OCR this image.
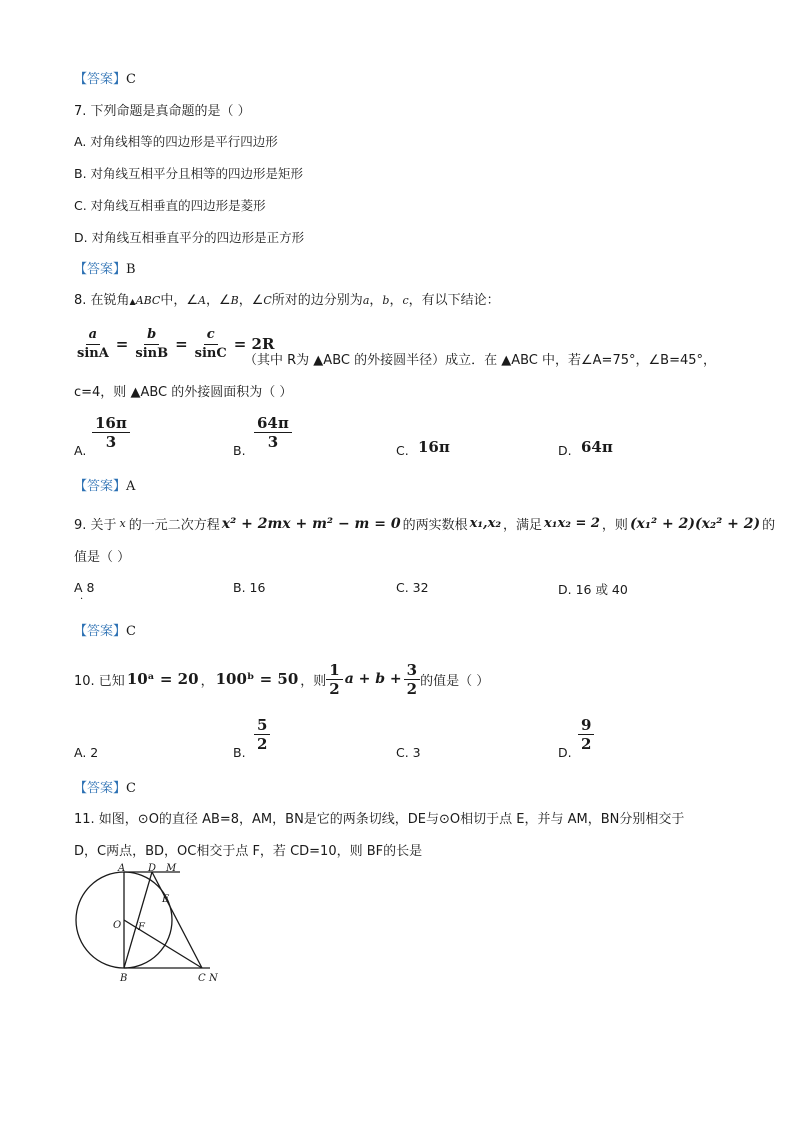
【答案】C
7. 下列命题是真命题的是（ ）
A. 对角线相等的四边形是平行四边形
B. 对角线互相平分且相等的四边形是矩形
C. 对角线互相垂直的四边形是菱形
D. 对角线互相垂直平分的四边形是正方形
【答案】B
8. 在锐角▲ABC中，∠A，∠B，∠C所对的边分别为a，b，c，有以下结论：
$\frac{a}{\sin A} = \frac{b}{\sin B} = \frac{c}{\sin C} = 2R$
（其中 R为 ▲ABC 的外接圆半径）成立．在 ▲ABC 中，若∠A=75°，∠B=45°，
c=4，则 ▲ABC 的外接圆面积为（ ）
A. $\frac{16\pi}{3}$	B. $\frac{64\pi}{3}$	C. 16π	D. 64π
【答案】A
9. 关于 x 的一元二次方程 x² + 2mx + m² − m = 0 的两实数根 x₁,x₂ ，满足 x₁x₂ = 2 ，则 (x₁² + 2)(x₂² + 2) 的
值是（ ）
A 8
·
B. 16	C. 32	D. 16 或 40
【答案】C
10. 已知 10ᵃ = 20 ， 100ᵇ = 50 ，则 $\frac{1}{2}$ $a + b + \frac{3}{2}$ 的值是（ ）
A. 2	B. $\frac{5}{2}$	C. 3	D. $\frac{9}{2}$
【答案】C
11. 如图，⊙O的直径 AB=8，AM，BN是它的两条切线，DE与⊙O相切于点 E，并与 AM，BN分别相交于
D，C两点，BD，OC相交于点 F，若 CD=10，则 BF的长是
A D M
E
O F
B	C N
